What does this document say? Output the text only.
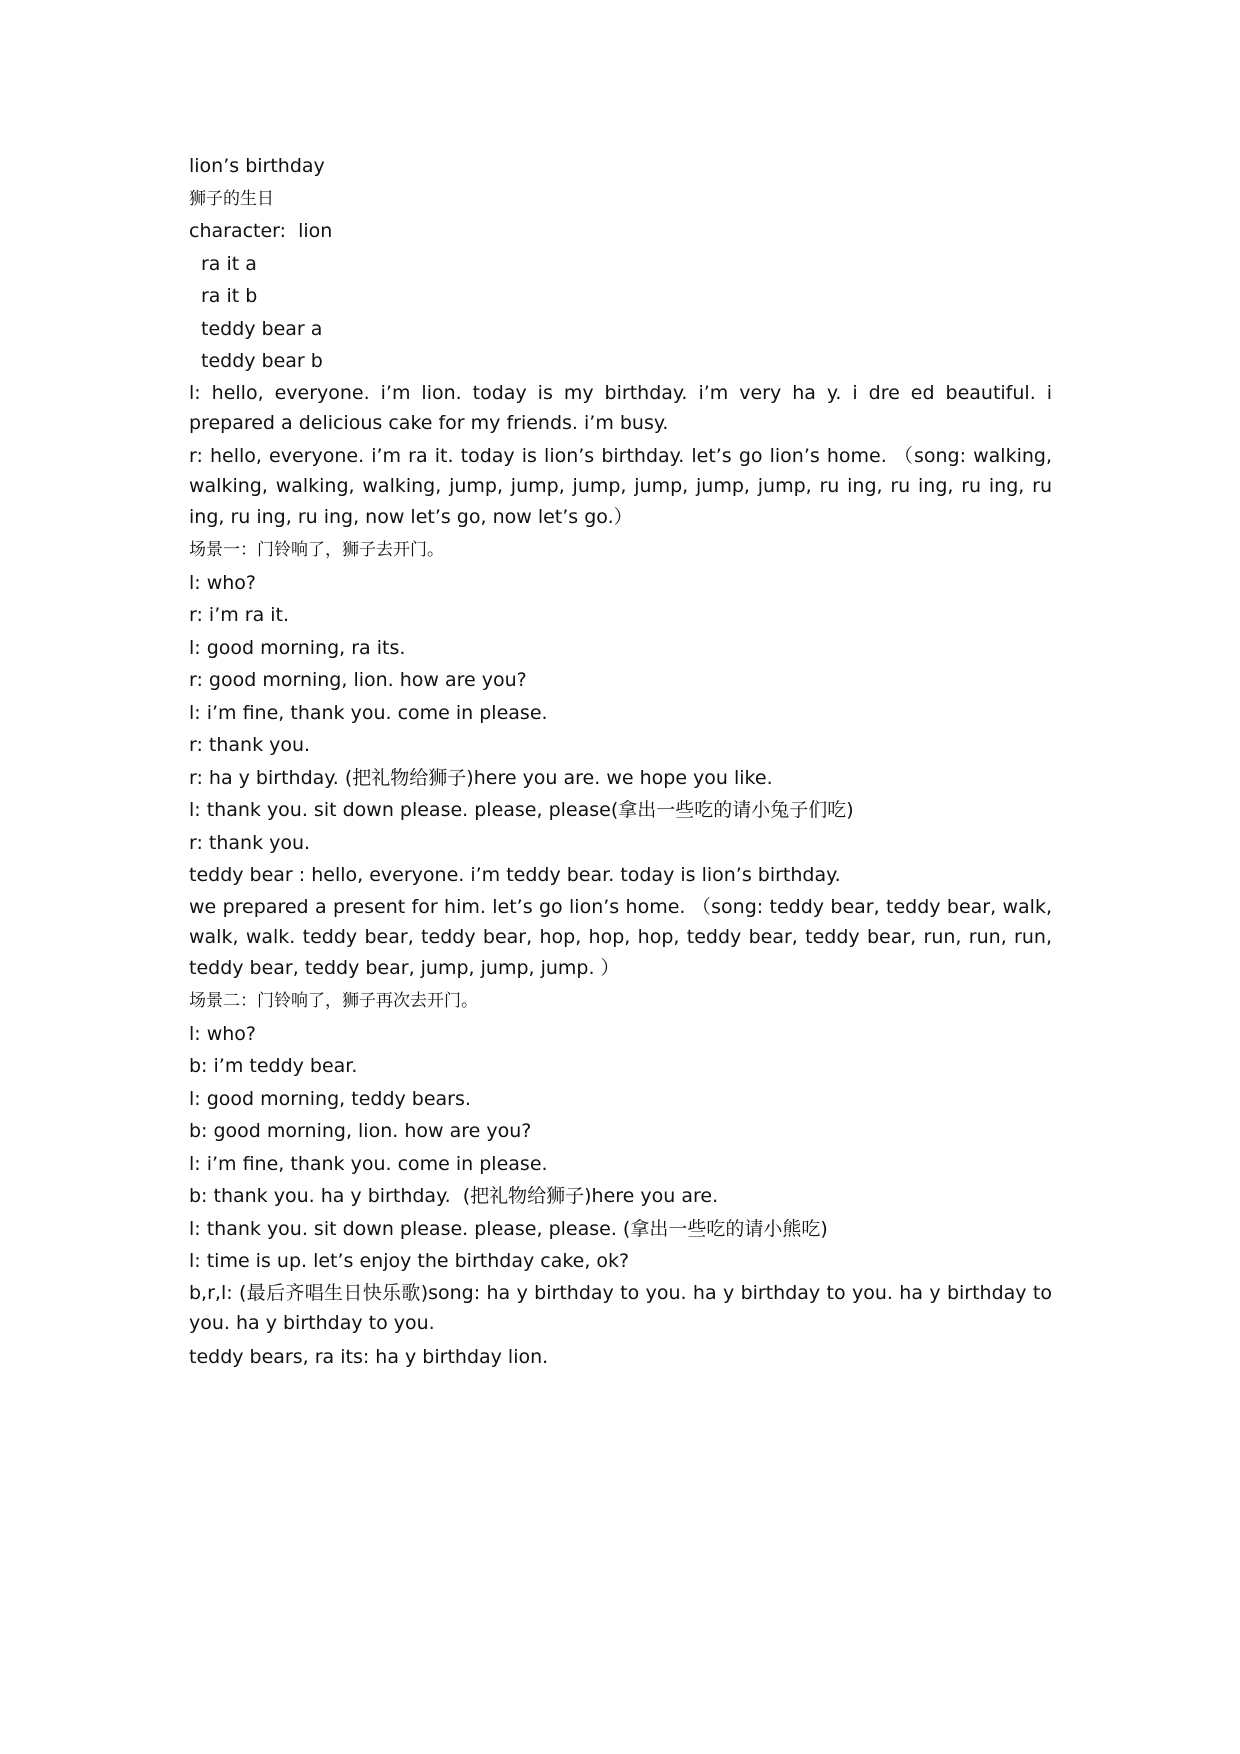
lion’s birthday
狮子的生日
character:  lion
ra it a
ra it b
teddy bear a
teddy bear b
l: hello, everyone. i’m lion. today is my birthday. i’m very ha y. i dre ed beautiful. i prepared a delicious cake for my friends. i’m busy.
r: hello, everyone. i’m ra it. today is lion’s birthday. let’s go lion’s home. （song: walking, walking, walking, walking, jump, jump, jump, jump, jump, jump, ru ing, ru ing, ru ing, ru ing, ru ing, ru ing, now let’s go, now let’s go.）
场景一：门铃响了，狮子去开门。
l: who?
r: i’m ra it.
l: good morning, ra its.
r: good morning, lion. how are you?
l: i’m fine, thank you. come in please.
r: thank you.
r: ha y birthday. (把礼物给狮子)here you are. we hope you like.
l: thank you. sit down please. please, please(拿出一些吃的请小兔子们吃)
r: thank you.
teddy bear : hello, everyone. i’m teddy bear. today is lion’s birthday.
we prepared a present for him. let’s go lion’s home. （song: teddy bear, teddy bear, walk, walk, walk. teddy bear, teddy bear, hop, hop, hop, teddy bear, teddy bear, run, run, run, teddy bear, teddy bear, jump, jump, jump. ）
场景二：门铃响了，狮子再次去开门。
l: who?
b: i’m teddy bear.
l: good morning, teddy bears.
b: good morning, lion. how are you?
l: i’m fine, thank you. come in please.
b: thank you. ha y birthday.  (把礼物给狮子)here you are.
l: thank you. sit down please. please, please. (拿出一些吃的请小熊吃)
l: time is up. let’s enjoy the birthday cake, ok?
b,r,l: (最后齐唱生日快乐歌)song: ha y birthday to you. ha y birthday to you. ha y birthday to you. ha y birthday to you.
teddy bears, ra its: ha y birthday lion.
